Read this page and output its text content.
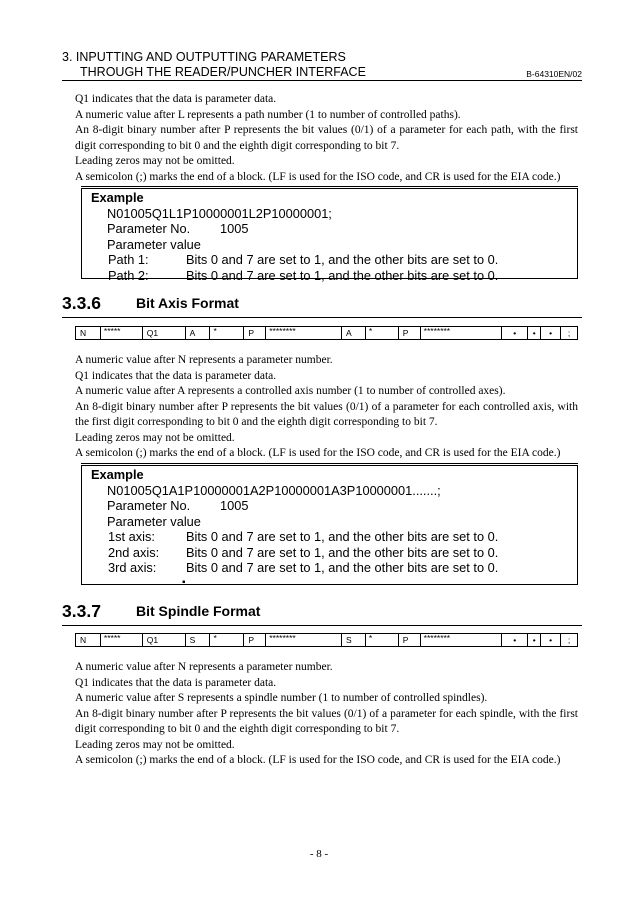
3. INPUTTING AND OUTPUTTING PARAMETERS
THROUGH THE READER/PUNCHER INTERFACE	B-64310EN/02

Q1 indicates that the data is parameter data.

A numeric value after L represents a path number (1 to number of controlled paths).

An 8-digit binary number after P represents the bit values (0/1) of a parameter for each path, with the first digit corresponding to bit 0 and the eighth digit corresponding to bit 7.

Leading zeros may not be omitted.

A semicolon (;) marks the end of a block. (LF is used for the ISO code, and CR is used for the EIA code.)

Example
N01005Q1L1P10000001L2P10000001;
Parameter No.	1005
Parameter value
Path 1:	Bits 0 and 7 are set to 1, and the other bits are set to 0.
Path 2:	Bits 0 and 7 are set to 1, and the other bits are set to 0.
3.3.6	Bit Axis Format
N	*****	Q1	A	*	P	********	A	*	P	********	•	•	•	;

A numeric value after N represents a parameter number.

Q1 indicates that the data is parameter data.

A numeric value after A represents a controlled axis number (1 to number of controlled axes).

An 8-digit binary number after P represents the bit values (0/1) of a parameter for each controlled axis, with the first digit corresponding to bit 0 and the eighth digit corresponding to bit 7.

Leading zeros may not be omitted.

A semicolon (;) marks the end of a block. (LF is used for the ISO code, and CR is used for the EIA code.)

Example
N01005Q1A1P10000001A2P10000001A3P10000001.......;
Parameter No.	1005
Parameter value
1st axis:	Bits 0 and 7 are set to 1, and the other bits are set to 0.
2nd axis:	Bits 0 and 7 are set to 1, and the other bits are set to 0.
3rd axis:	Bits 0 and 7 are set to 1, and the other bits are set to 0.
▪
3.3.7	Bit Spindle Format
N	*****	Q1	S	*	P	********	S	*	P	********	•	•	•	;

A numeric value after N represents a parameter number.

Q1 indicates that the data is parameter data.

A numeric value after S represents a spindle number (1 to number of controlled spindles).

An 8-digit binary number after P represents the bit values (0/1) of a parameter for each spindle, with the first digit corresponding to bit 0 and the eighth digit corresponding to bit 7.

Leading zeros may not be omitted.

A semicolon (;) marks the end of a block. (LF is used for the ISO code, and CR is used for the EIA code.)

- 8 -
